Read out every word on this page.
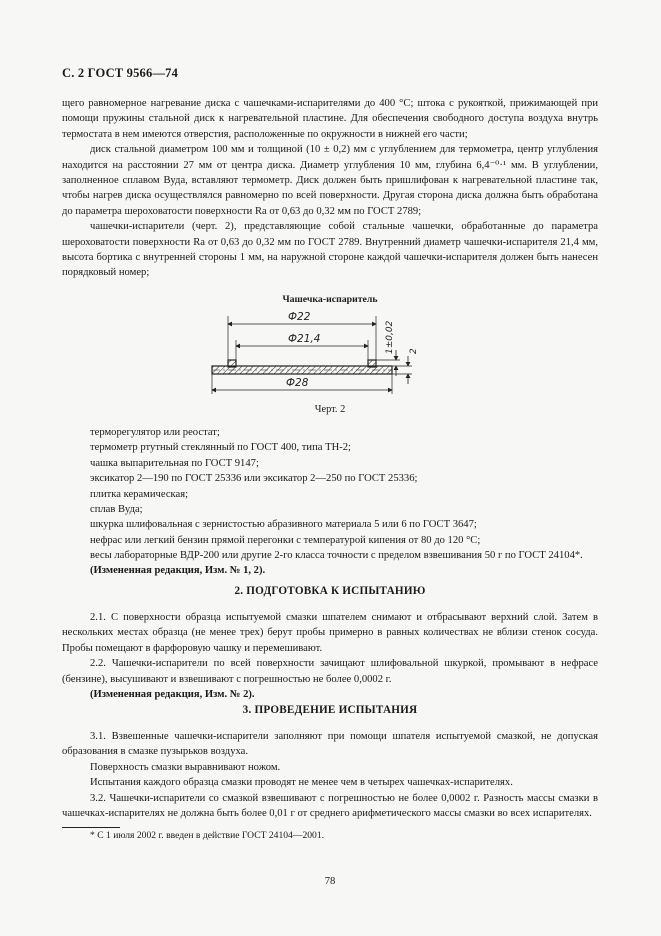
С. 2 ГОСТ 9566—74

щего равномерное нагревание диска с чашечками-испарителями до 400 °С; штока с рукояткой, прижимающей при помощи пружины стальной диск к нагревательной пластине. Для обеспечения свободного доступа воздуха внутрь термостата в нем имеются отверстия, расположенные по окружности в нижней его части;

диск стальной диаметром 100 мм и толщиной (10 ± 0,2) мм с углублением для термометра, центр углубления находится на расстоянии 27 мм от центра диска. Диаметр углубления 10 мм, глубина 6,4⁻⁰·¹ мм. В углублении, заполненное сплавом Вуда, вставляют термометр. Диск должен быть пришлифован к нагревательной пластине так, чтобы нагрев диска осуществлялся равномерно по всей поверхности. Другая сторона диска должна быть обработана до параметра шероховатости поверхности Ra от 0,63 до 0,32 мм по ГОСТ 2789;

чашечки-испарители (черт. 2), представляющие собой стальные чашечки, обработанные до параметра шероховатости поверхности Ra от 0,63 до 0,32 мм по ГОСТ 2789. Внутренний диаметр чашечки-испарителя 21,4 мм, высота бортика с внутренней стороны 1 мм, на наружной стороне каждой чашечки-испарителя должен быть нанесен порядковый номер;

Чашечка-испаритель
Ф22
Ф21,4
Ф28
1±0,02 2
Черт. 2
терморегулятор или реостат;
термометр ртутный стеклянный по ГОСТ 400, типа ТН-2;
чашка выпарительная по ГОСТ 9147;
эксикатор 2—190 по ГОСТ 25336 или эксикатор 2—250 по ГОСТ 25336;
плитка керамическая;
сплав Вуда;
шкурка шлифовальная с зернистостью абразивного материала 5 или 6 по ГОСТ 3647;
нефрас или легкий бензин прямой перегонки с температурой кипения от 80 до 120 °С;

весы лабораторные ВДР-200 или другие 2-го класса точности с пределом взвешивания 50 г по ГОСТ 24104*.

(Измененная редакция, Изм. № 1, 2).

2. ПОДГОТОВКА К ИСПЫТАНИЮ

2.1. С поверхности образца испытуемой смазки шпателем снимают и отбрасывают верхний слой. Затем в нескольких местах образца (не менее трех) берут пробы примерно в равных количествах не вблизи стенок сосуда. Пробы помещают в фарфоровую чашку и перемешивают.

2.2. Чашечки-испарители по всей поверхности зачищают шлифовальной шкуркой, промывают в нефрасе (бензине), высушивают и взвешивают с погрешностью не более 0,0002 г.

(Измененная редакция, Изм. № 2).

3. ПРОВЕДЕНИЕ ИСПЫТАНИЯ

3.1. Взвешенные чашечки-испарители заполняют при помощи шпателя испытуемой смазкой, не допуская образования в смазке пузырьков воздуха.

Поверхность смазки выравнивают ножом.

Испытания каждого образца смазки проводят не менее чем в четырех чашечках-испарителях.

3.2. Чашечки-испарители со смазкой взвешивают с погрешностью не более 0,0002 г. Разность массы смазки в чашечках-испарителях не должна быть более 0,01 г от среднего арифметического массы смазки во всех испарителях.

* С 1 июля 2002 г. введен в действие ГОСТ 24104—2001.
78
